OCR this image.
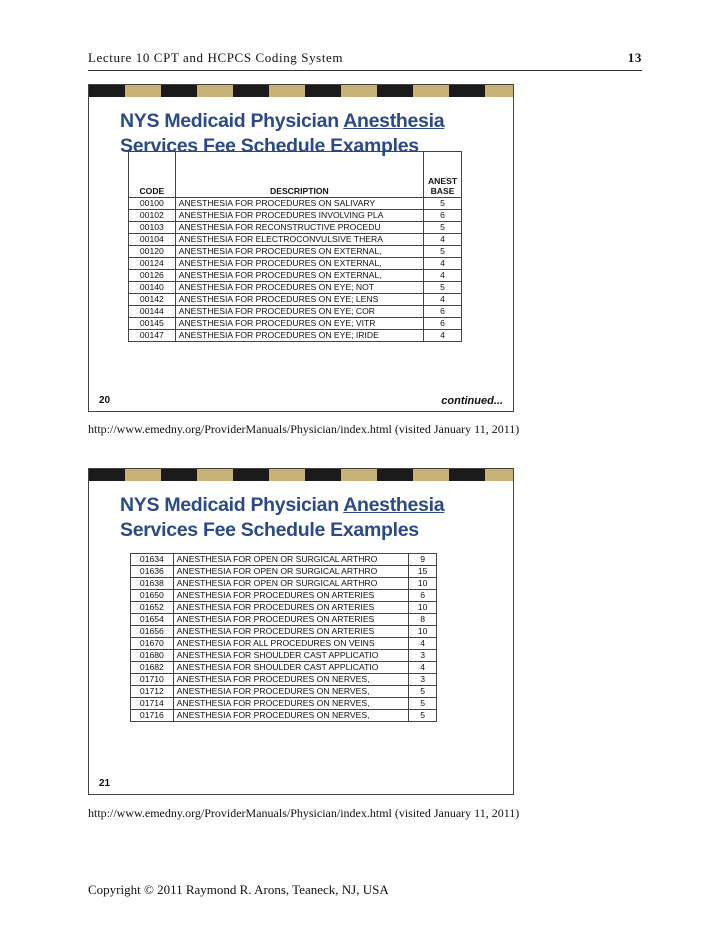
Lecture 10 CPT and HCPCS Coding System	13
NYS Medicaid Physician Anesthesia
Services Fee Schedule Examples
CODE	DESCRIPTION	ANEST
BASE
00100	ANESTHESIA FOR PROCEDURES ON SALIVARY	5
00102	ANESTHESIA FOR PROCEDURES INVOLVING PLA	6
00103	ANESTHESIA FOR RECONSTRUCTIVE PROCEDU	5
00104	ANESTHESIA FOR ELECTROCONVULSIVE THERA	4
00120	ANESTHESIA FOR PROCEDURES ON EXTERNAL,	5
00124	ANESTHESIA FOR PROCEDURES ON EXTERNAL,	4
00126	ANESTHESIA FOR PROCEDURES ON EXTERNAL,	4
00140	ANESTHESIA FOR PROCEDURES ON EYE; NOT	5
00142	ANESTHESIA FOR PROCEDURES ON EYE; LENS	4
00144	ANESTHESIA FOR PROCEDURES ON EYE; COR	6
00145	ANESTHESIA FOR PROCEDURES ON EYE; VITR	6
00147	ANESTHESIA FOR PROCEDURES ON EYE; IRIDE	4
20	continued...
http://www.emedny.org/ProviderManuals/Physician/index.html (visited January 11, 2011)
NYS Medicaid Physician Anesthesia
Services Fee Schedule Examples
01634	ANESTHESIA FOR OPEN OR SURGICAL ARTHRO	9
01636	ANESTHESIA FOR OPEN OR SURGICAL ARTHRO	15
01638	ANESTHESIA FOR OPEN OR SURGICAL ARTHRO	10
01650	ANESTHESIA FOR PROCEDURES ON ARTERIES	6
01652	ANESTHESIA FOR PROCEDURES ON ARTERIES	10
01654	ANESTHESIA FOR PROCEDURES ON ARTERIES	8
01656	ANESTHESIA FOR PROCEDURES ON ARTERIES	10
01670	ANESTHESIA FOR ALL PROCEDURES ON VEINS	4
01680	ANESTHESIA FOR SHOULDER CAST APPLICATIO	3
01682	ANESTHESIA FOR SHOULDER CAST APPLICATIO	4
01710	ANESTHESIA FOR PROCEDURES ON NERVES,	3
01712	ANESTHESIA FOR PROCEDURES ON NERVES,	5
01714	ANESTHESIA FOR PROCEDURES ON NERVES,	5
01716	ANESTHESIA FOR PROCEDURES ON NERVES,	5
21
http://www.emedny.org/ProviderManuals/Physician/index.html (visited January 11, 2011)
Copyright © 2011 Raymond R. Arons, Teaneck, NJ, USA
